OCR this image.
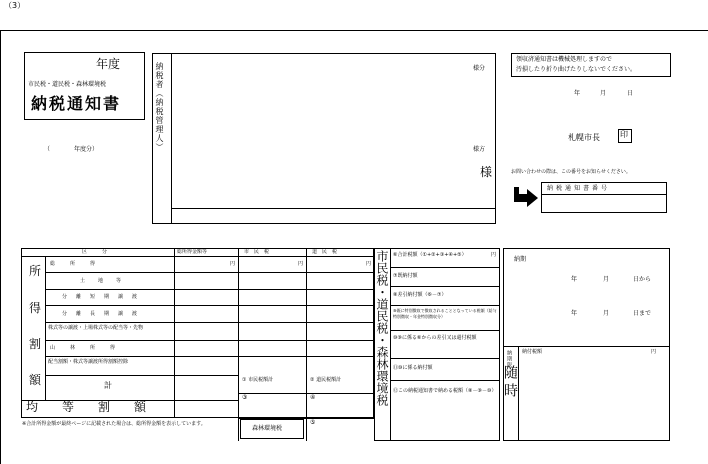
（3）
年度
市民税・道民税・森林環境税
納税通知書
（　　　　年度分）	納税者（納税管理人）	様分
様方
様
領収済通知書は機械処理しますので
汚損したり折り曲げたりしないでください。
年	月	日
札幌市長	印
お問い合わせの際は、この番号をお知らせください。
納税通知書番号
区　　　分	総所得金額等	市　民　税	道　民　税
所
得
割
額
総　所　得	円	円	円
土　地　等
分　離　短　期　譲　渡
分　離　長　期　譲　渡
株式等の譲渡・上場株式等の配当等・先物
山　林　所　得
配当割額・株式等譲渡所得割額控除
計
均　等　割　額
① 市民税額計	② 道民税額計
③	④
森林環境税
⑤
※合計所得金額が最終ページに記載された場合は、総所得金額を表示しています。
市民税・道民税・森林環境税 ⑥合計税額（①+②+③+④+⑤）	円
⑦既納付額
⑧差引納付額（⑥－⑦）
⑨既に特別徴収で徴収されることとなっている税額（給与特別徴収・年金特別徴収分）
⑩⑨に係る⑥からの差引又は還付税額
⑪⑩に係る納付額
⑫この納税通知書で納める税額（⑧－⑨－⑩）
納期
年	月	日から
年	月	日まで
納期限
随時
納付税額	円
